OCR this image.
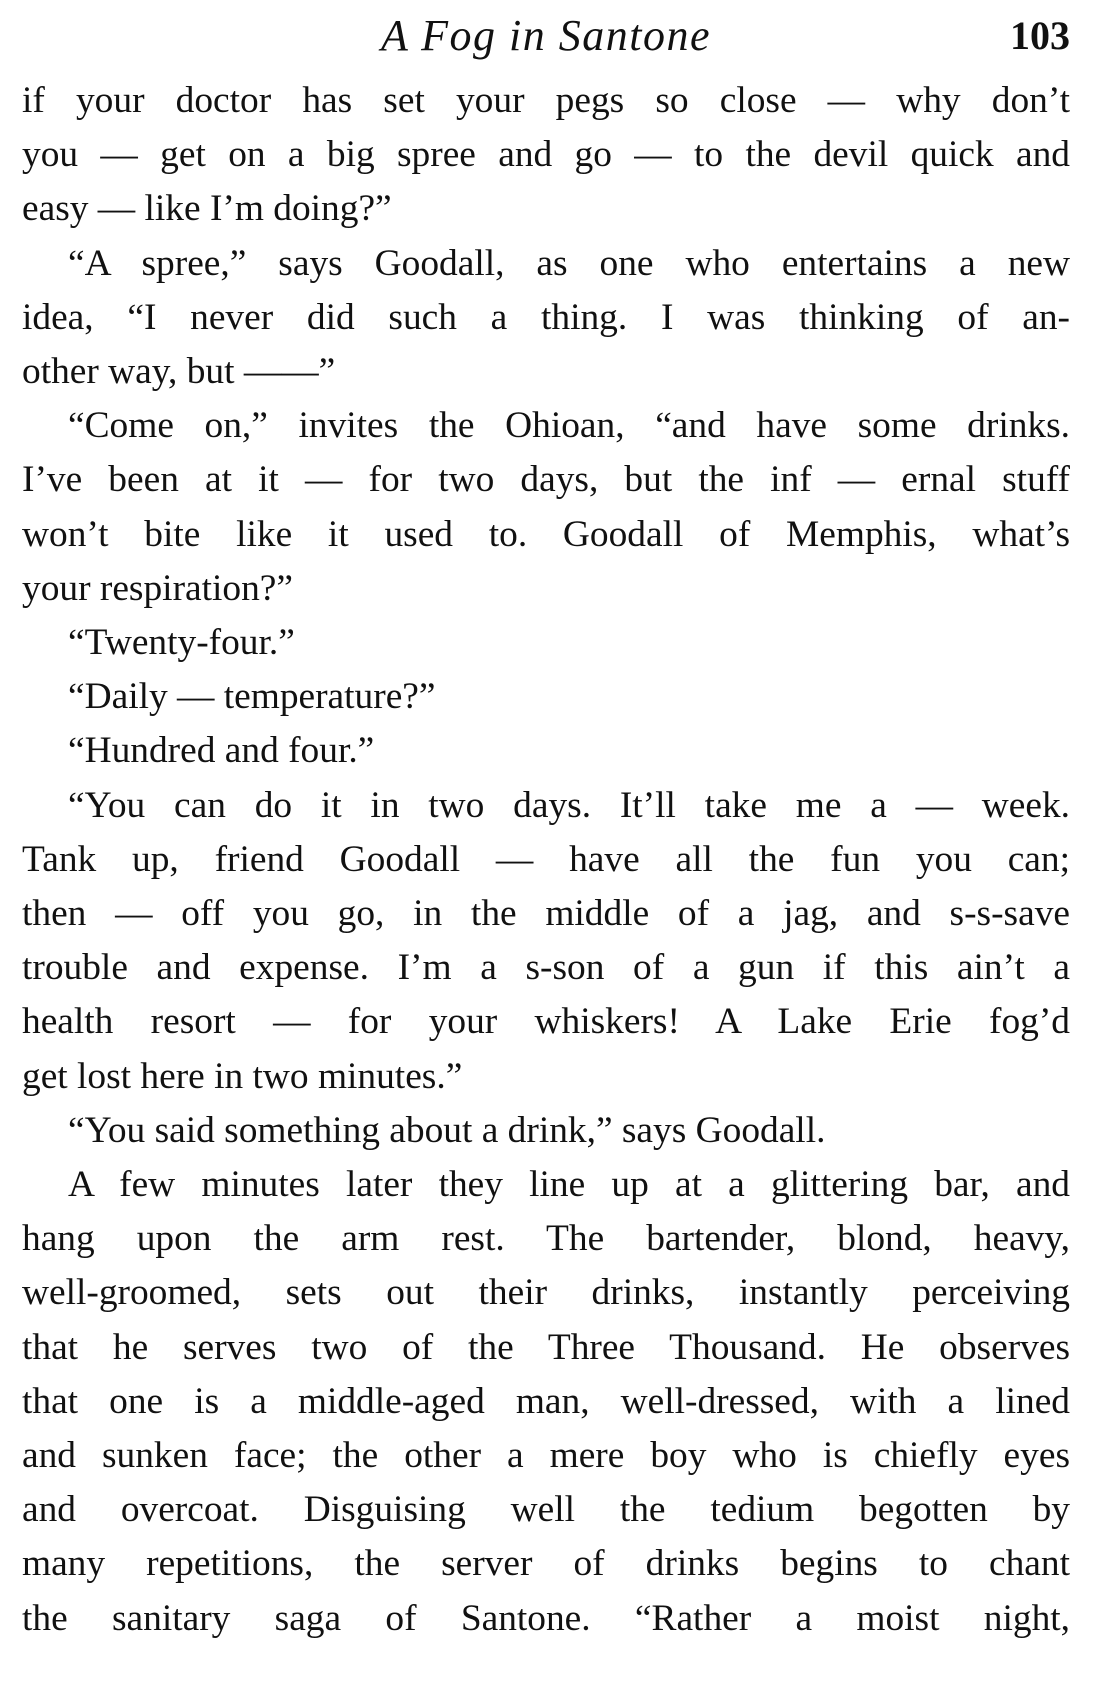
A Fog in Santone	103
if your doctor has set your pegs so close — why don’t
you — get on a big spree and go — to the devil quick and
easy — like I’m doing?”
“A spree,” says Goodall, as one who entertains a new
idea, “I never did such a thing. I was thinking of an-
other way, but ——”
“Come on,” invites the Ohioan, “and have some drinks.
I’ve been at it — for two days, but the inf — ernal stuff
won’t bite like it used to. Goodall of Memphis, what’s
your respiration?”
“Twenty-four.”
“Daily — temperature?”
“Hundred and four.”
“You can do it in two days. It’ll take me a — week.
Tank up, friend Goodall — have all the fun you can;
then — off you go, in the middle of a jag, and s-s-save
trouble and expense. I’m a s-son of a gun if this ain’t a
health resort — for your whiskers! A Lake Erie fog’d
get lost here in two minutes.”
“You said something about a drink,” says Goodall.
A few minutes later they line up at a glittering bar, and
hang upon the arm rest. The bartender, blond, heavy,
well-groomed, sets out their drinks, instantly perceiving
that he serves two of the Three Thousand. He observes
that one is a middle-aged man, well-dressed, with a lined
and sunken face; the other a mere boy who is chiefly eyes
and overcoat. Disguising well the tedium begotten by
many repetitions, the server of drinks begins to chant
the sanitary saga of Santone. “Rather a moist night,
